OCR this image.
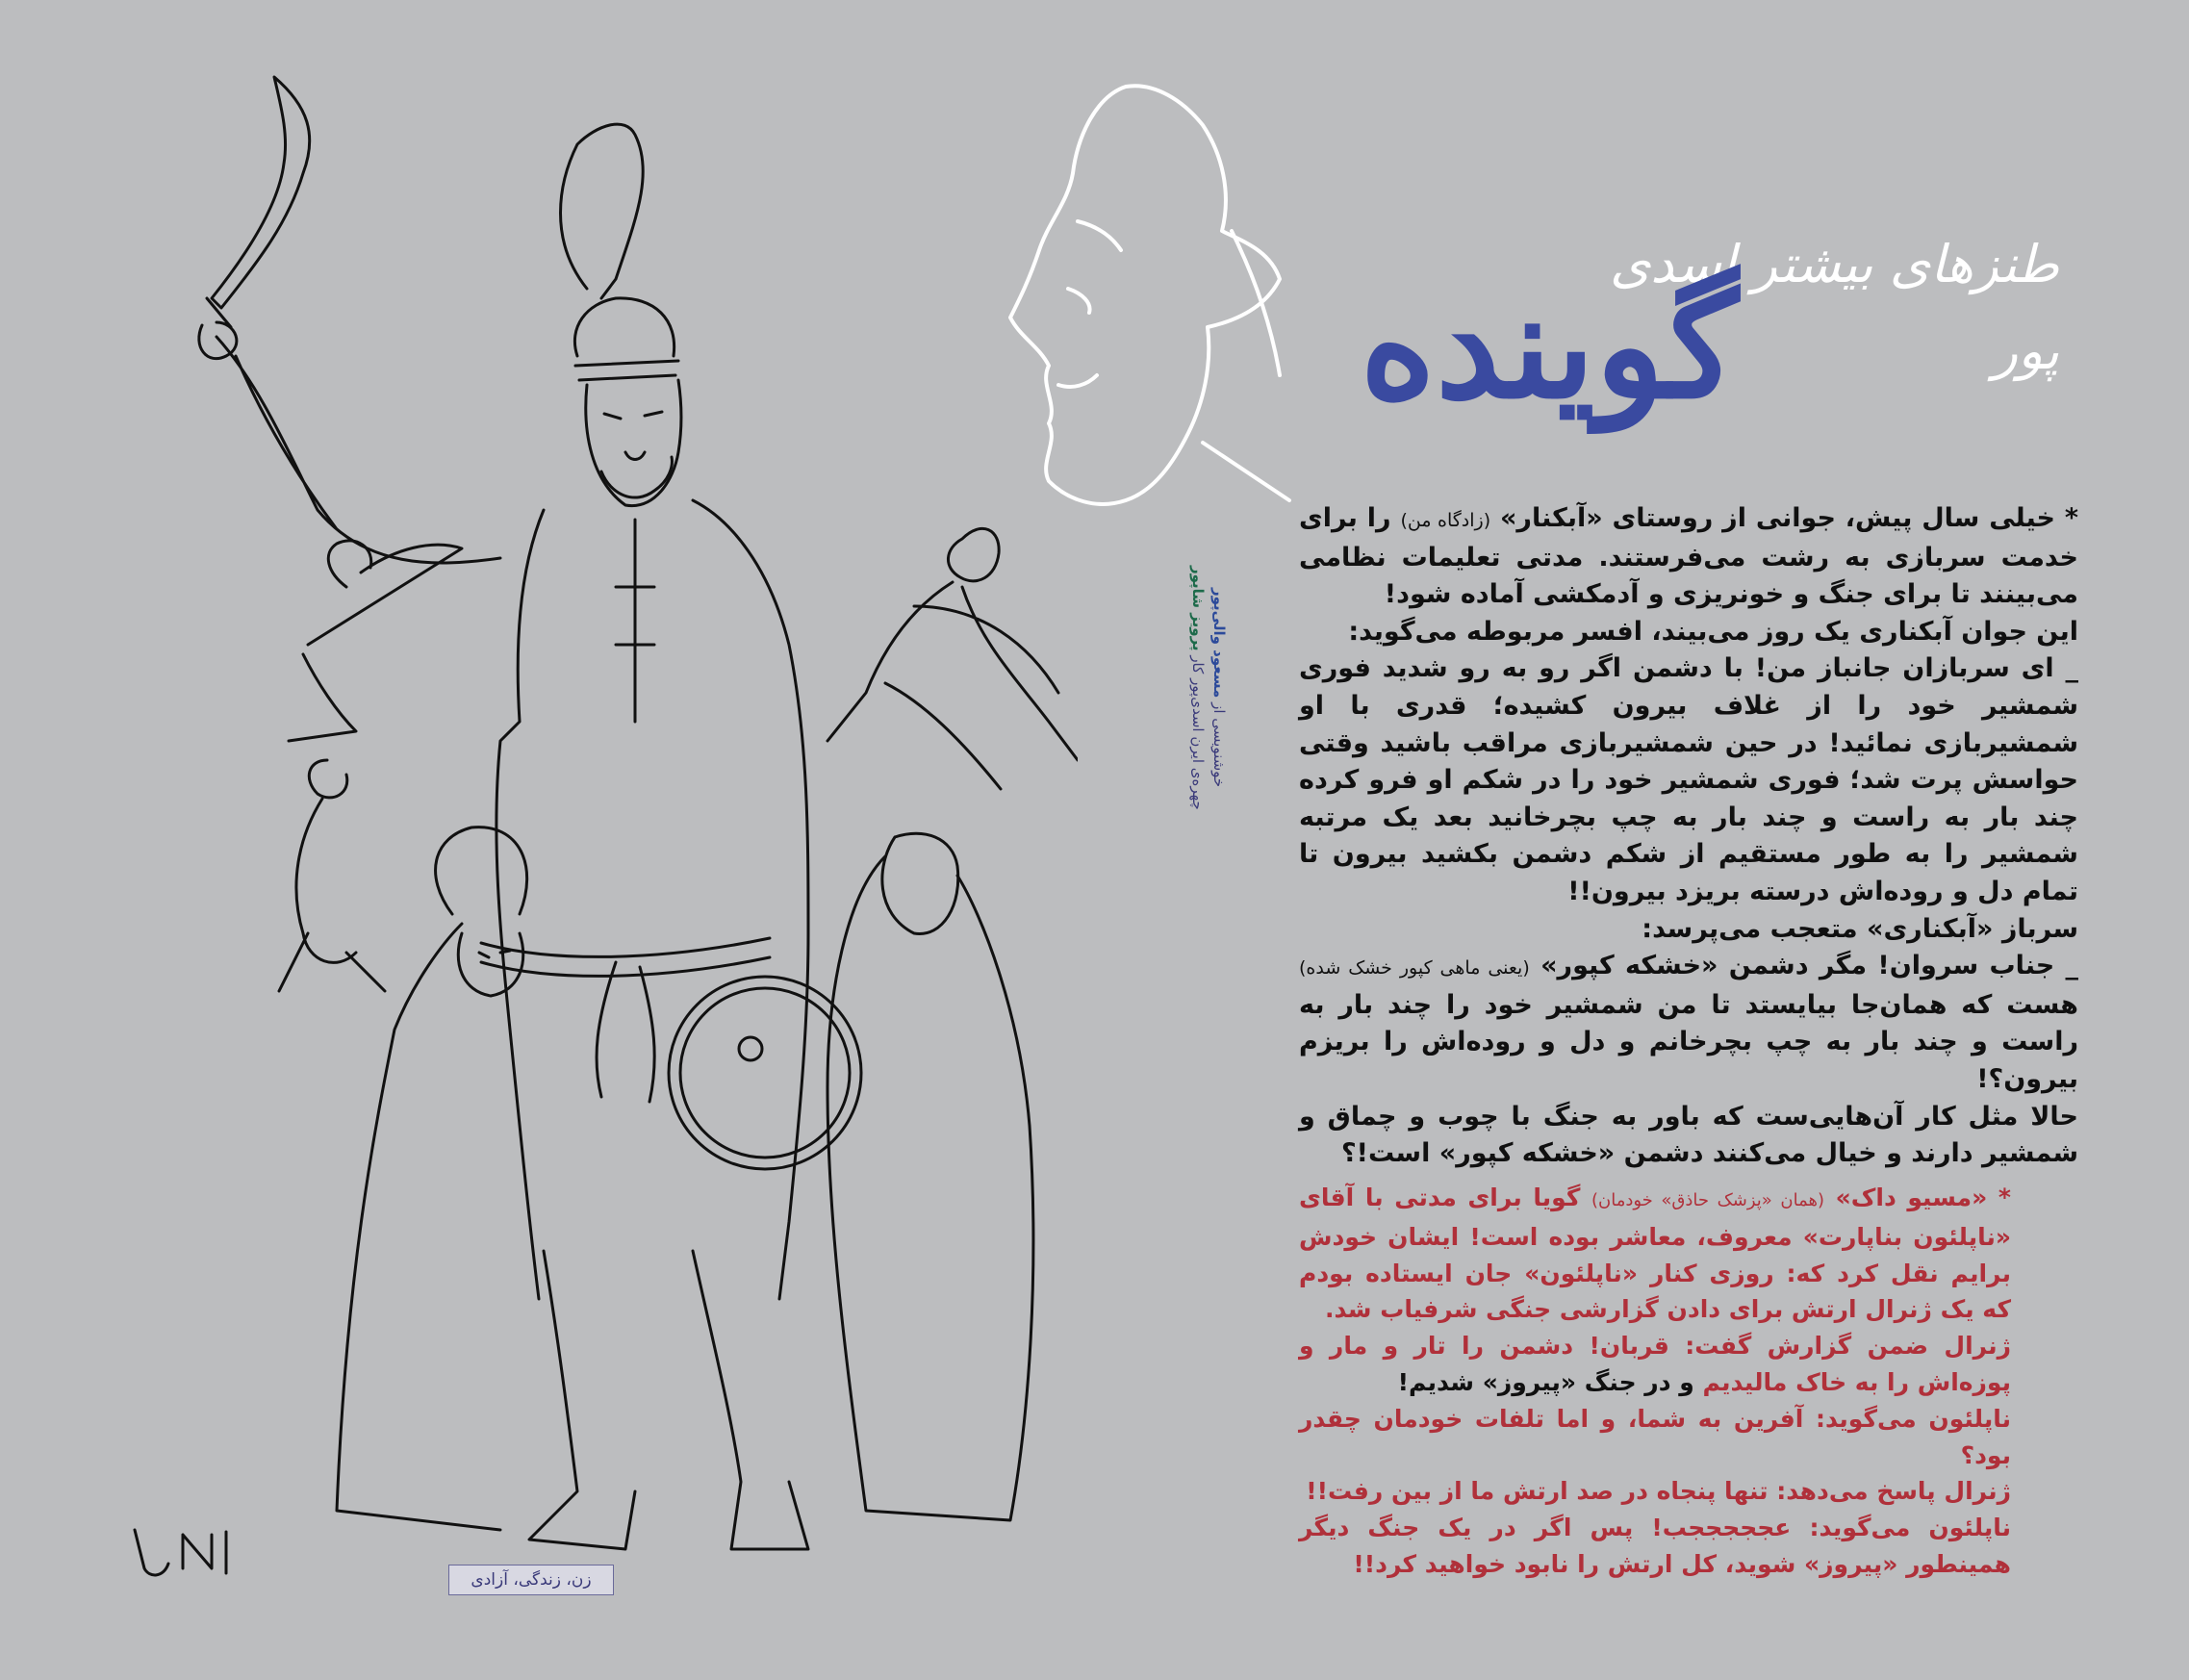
طنزهای بیشتر اسدی پور
گوینده
خوشنویسی از مسعود والی‌پور
چهره‌ی ایرن اسدی‌پور کار پرویز شاپور

* خیلی سال پیش، جوانی از روستای «آبکنار» (زادگاه من) را برای خدمت سربازی به رشت می‌فرستند. مدتی تعلیمات نظامی می‌بینند تا برای جنگ و خونریزی و آدمکشی آماده شود!

این جوان آبکناری یک روز می‌بیند، افسر مربوطه می‌گوید:

_ ای سربازان جانباز من! با دشمن اگر رو به رو شدید فوری شمشیر خود را از غلاف بیرون کشیده؛ قدری با او شمشیربازی نمائید! در حین شمشیربازی مراقب باشید وقتی حواسش پرت شد؛ فوری شمشیر خود را در شکم او فرو کرده چند بار به راست و چند بار به چپ بچرخانید بعد یک مرتبه شمشیر را به طور مستقیم از شکم دشمن بکشید بیرون تا تمام دل و روده‌اش درسته بریزد بیرون!!

سرباز «آبکناری» متعجب می‌پرسد:

_ جناب سروان! مگر دشمن «خشکه کپور» (یعنی ماهی کپور خشک شده) هست که همان‌جا بیایستد تا من شمشیر خود را چند بار به راست و چند بار به چپ بچرخانم و دل و روده‌اش را بریزم بیرون؟!

حالا مثل کار آن‌هایی‌ست که باور به جنگ با چوب و چماق و شمشیر دارند و خیال می‌کنند دشمن «خشکه کپور» است!؟

* «مسیو داک» (همان «پزشک حاذق» خودمان) گویا برای مدتی با آقای «ناپلئون بناپارت» معروف، معاشر بوده است! ایشان خودش برایم نقل کرد که: روزی کنار «ناپلئون» جان ایستاده بودم که یک ژنرال ارتش برای دادن گزارشی جنگی شرفیاب شد.

ژنرال ضمن گزارش گفت: قربان! دشمن را تار و مار و پوزه‌اش را به خاک مالیدیم و در جنگ «پیروز» شدیم!

ناپلئون می‌گوید: آفرین به شما، و اما تلفات خودمان چقدر بود؟

ژنرال پاسخ می‌دهد: تنها پنجاه در صد ارتش ما از بین رفت!!

ناپلئون می‌گوید: عجججججب! پس اگر در یک جنگ دیگر همینطور «پیروز» شوید، کل ارتش را نابود خواهید کرد!!

زن، زندگی، آزادی
